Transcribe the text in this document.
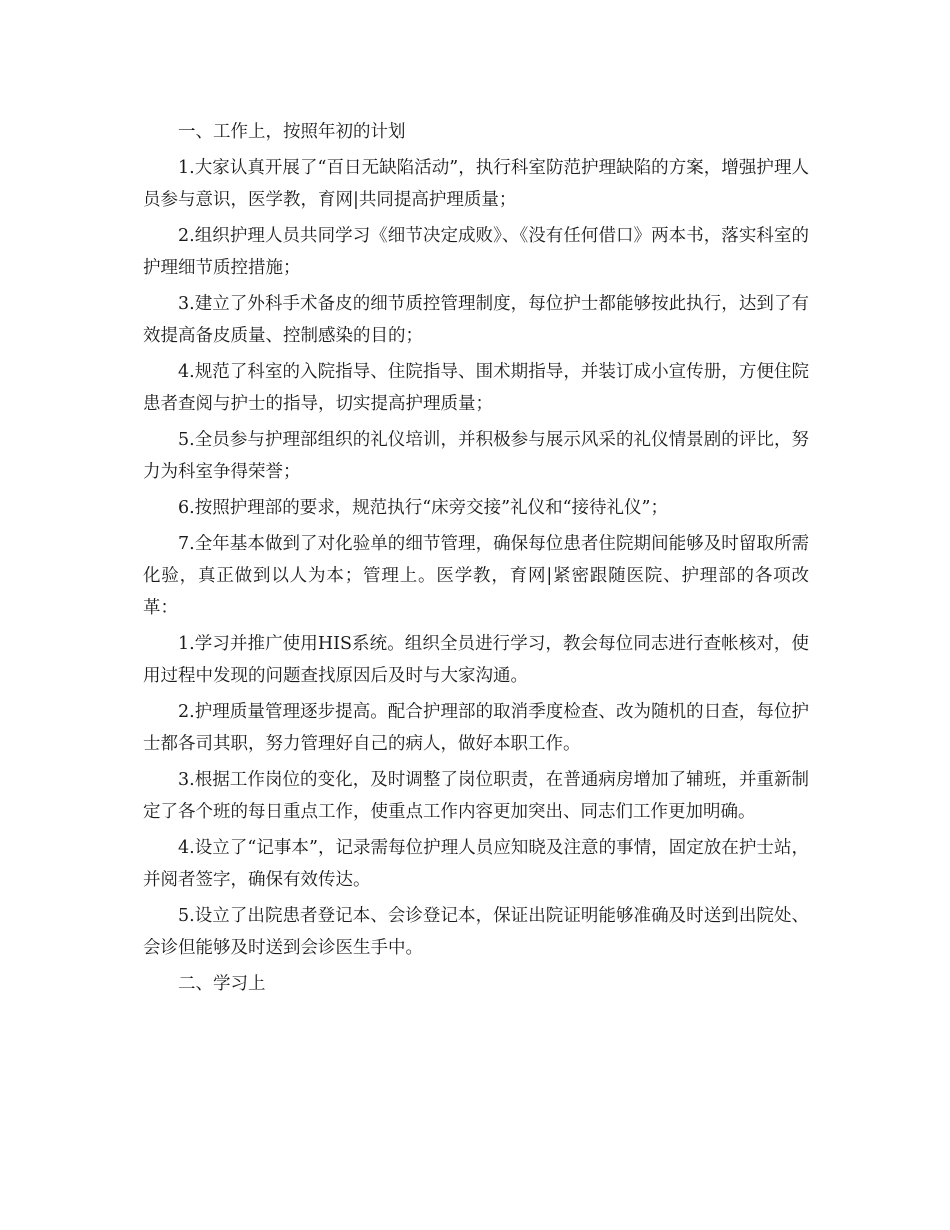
一、工作上，按照年初的计划

1.大家认真开展了“百日无缺陷活动”，执行科室防范护理缺陷的方案，增强护理人员参与意识，医学教，育网|共同提高护理质量；

2.组织护理人员共同学习《细节决定成败》、《没有任何借口》两本书，落实科室的护理细节质控措施；

3.建立了外科手术备皮的细节质控管理制度，每位护士都能够按此执行，达到了有效提高备皮质量、控制感染的目的；

4.规范了科室的入院指导、住院指导、围术期指导，并装订成小宣传册，方便住院患者查阅与护士的指导，切实提高护理质量；

5.全员参与护理部组织的礼仪培训，并积极参与展示风采的礼仪情景剧的评比，努力为科室争得荣誉；

6.按照护理部的要求，规范执行“床旁交接”礼仪和“接待礼仪”；

7.全年基本做到了对化验单的细节管理，确保每位患者住院期间能够及时留取所需化验，真正做到以人为本；管理上。医学教，育网|紧密跟随医院、护理部的各项改革：

1.学习并推广使用HIS系统。组织全员进行学习，教会每位同志进行查帐核对，使用过程中发现的问题查找原因后及时与大家沟通。

2.护理质量管理逐步提高。配合护理部的取消季度检查、改为随机的日查，每位护士都各司其职，努力管理好自己的病人，做好本职工作。

3.根据工作岗位的变化，及时调整了岗位职责，在普通病房增加了辅班，并重新制定了各个班的每日重点工作，使重点工作内容更加突出、同志们工作更加明确。

4.设立了“记事本”，记录需每位护理人员应知晓及注意的事情，固定放在护士站，并阅者签字，确保有效传达。

5.设立了出院患者登记本、会诊登记本，保证出院证明能够准确及时送到出院处、会诊但能够及时送到会诊医生手中。

二、学习上
